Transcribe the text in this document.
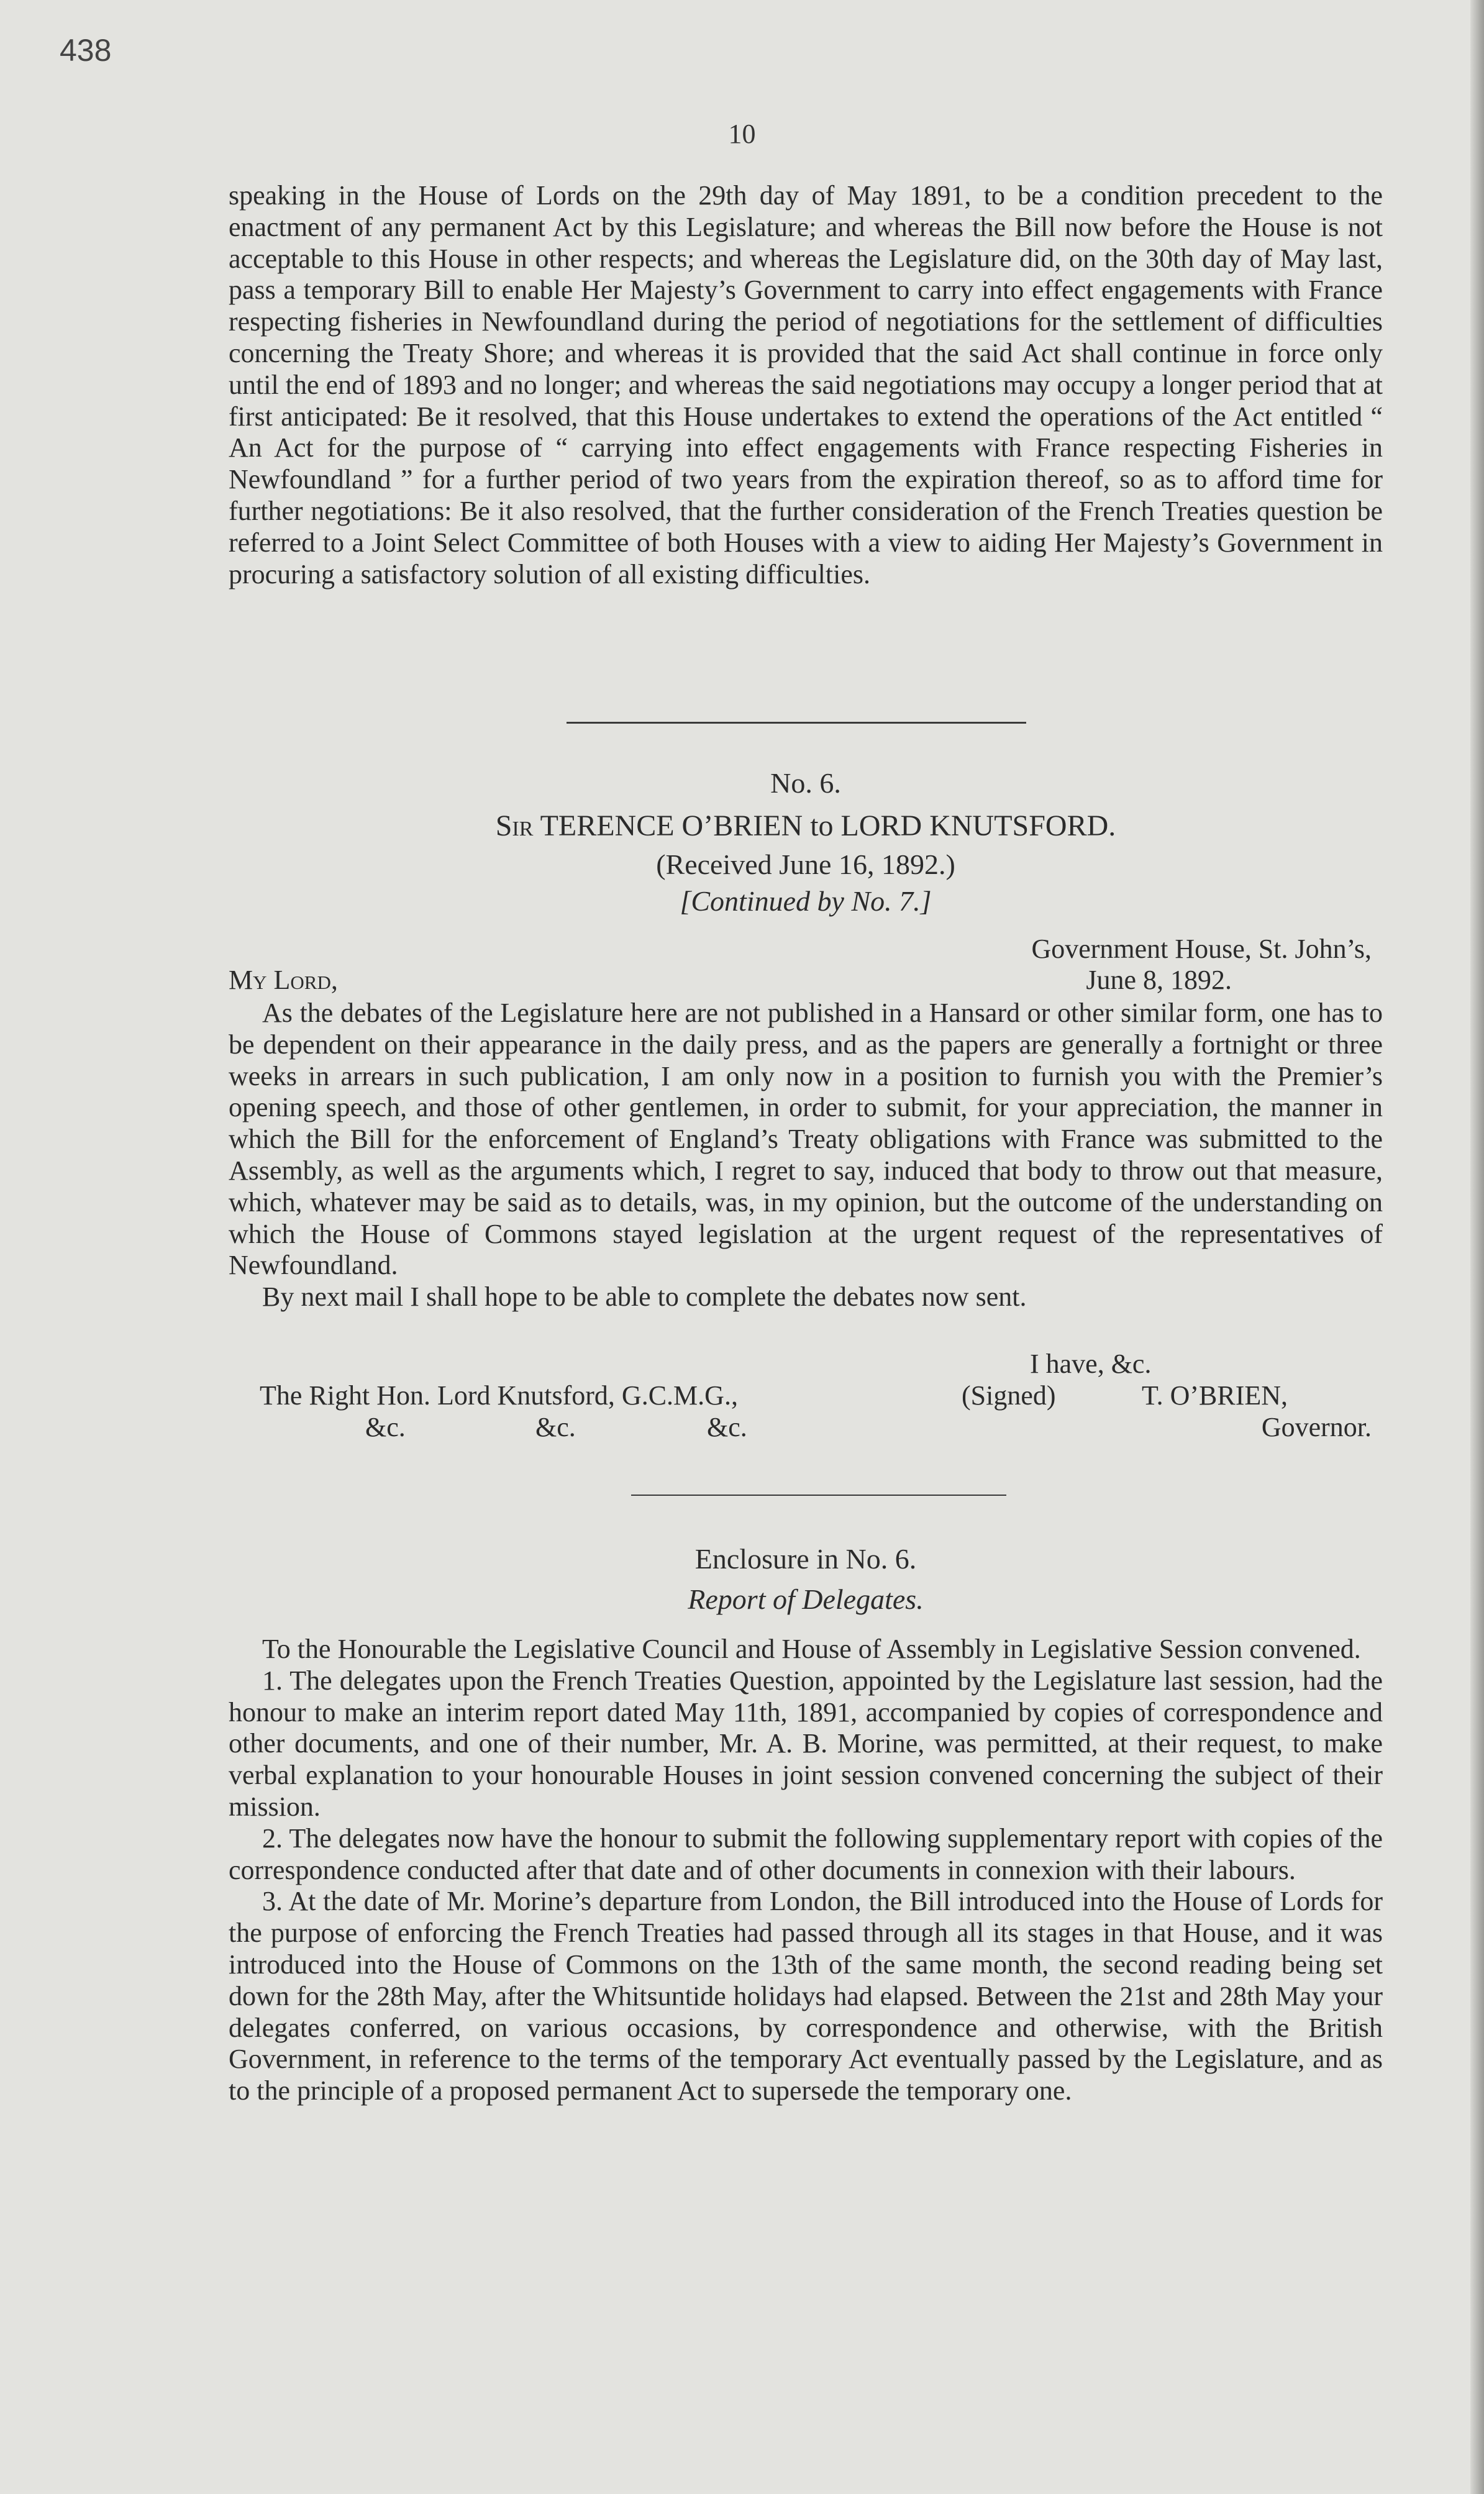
438
10

speaking in the House of Lords on the 29th day of May 1891, to be a condition precedent to the enactment of any permanent Act by this Legislature; and whereas the Bill now before the House is not acceptable to this House in other respects; and whereas the Legislature did, on the 30th day of May last, pass a temporary Bill to enable Her Majesty’s Government to carry into effect engagements with France respecting fisheries in Newfoundland during the period of negotiations for the settlement of difficulties concerning the Treaty Shore; and whereas it is provided that the said Act shall continue in force only until the end of 1893 and no longer; and whereas the said negotiations may occupy a longer period that at first anticipated: Be it resolved, that this House undertakes to extend the operations of the Act entitled “ An Act for the purpose of “ carrying into effect engagements with France respecting Fisheries in Newfoundland ” for a further period of two years from the expiration thereof, so as to afford time for further negotiations: Be it also resolved, that the further consideration of the French Treaties question be referred to a Joint Select Committee of both Houses with a view to aiding Her Majesty’s Government in procuring a satisfactory solution of all existing difficulties.

No. 6.
Sir TERENCE O’BRIEN to LORD KNUTSFORD.
(Received June 16, 1892.)
[Continued by No. 7.]
Government House, St. John’s,
My Lord,	June 8, 1892.

As the debates of the Legislature here are not published in a Hansard or other similar form, one has to be dependent on their appearance in the daily press, and as the papers are generally a fortnight or three weeks in arrears in such publication, I am only now in a position to furnish you with the Premier’s opening speech, and those of other gentlemen, in order to submit, for your appreciation, the manner in which the Bill for the enforcement of England’s Treaty obligations with France was submitted to the Assembly, as well as the arguments which, I regret to say, induced that body to throw out that measure, which, whatever may be said as to details, was, in my opinion, but the outcome of the understanding on which the House of Commons stayed legislation at the urgent request of the representatives of Newfoundland.

By next mail I shall hope to be able to complete the debates now sent.

I have, &c.
The Right Hon. Lord Knutsford, G.C.M.G.,	(Signed)	T. O’BRIEN,
&c.	&c.	&c.	Governor.
Enclosure in No. 6.
Report of Delegates.

To the Honourable the Legislative Council and House of Assembly in Legislative Session convened.

1. The delegates upon the French Treaties Question, appointed by the Legislature last session, had the honour to make an interim report dated May 11th, 1891, accompanied by copies of correspondence and other documents, and one of their number, Mr. A. B. Morine, was permitted, at their request, to make verbal explanation to your honourable Houses in joint session convened concerning the subject of their mission.

2. The delegates now have the honour to submit the following supplementary report with copies of the correspondence conducted after that date and of other documents in connexion with their labours.

3. At the date of Mr. Morine’s departure from London, the Bill introduced into the House of Lords for the purpose of enforcing the French Treaties had passed through all its stages in that House, and it was introduced into the House of Commons on the 13th of the same month, the second reading being set down for the 28th May, after the Whitsuntide holidays had elapsed. Between the 21st and 28th May your delegates conferred, on various occasions, by correspondence and otherwise, with the British Government, in reference to the terms of the temporary Act eventually passed by the Legislature, and as to the principle of a proposed permanent Act to supersede the temporary one.
